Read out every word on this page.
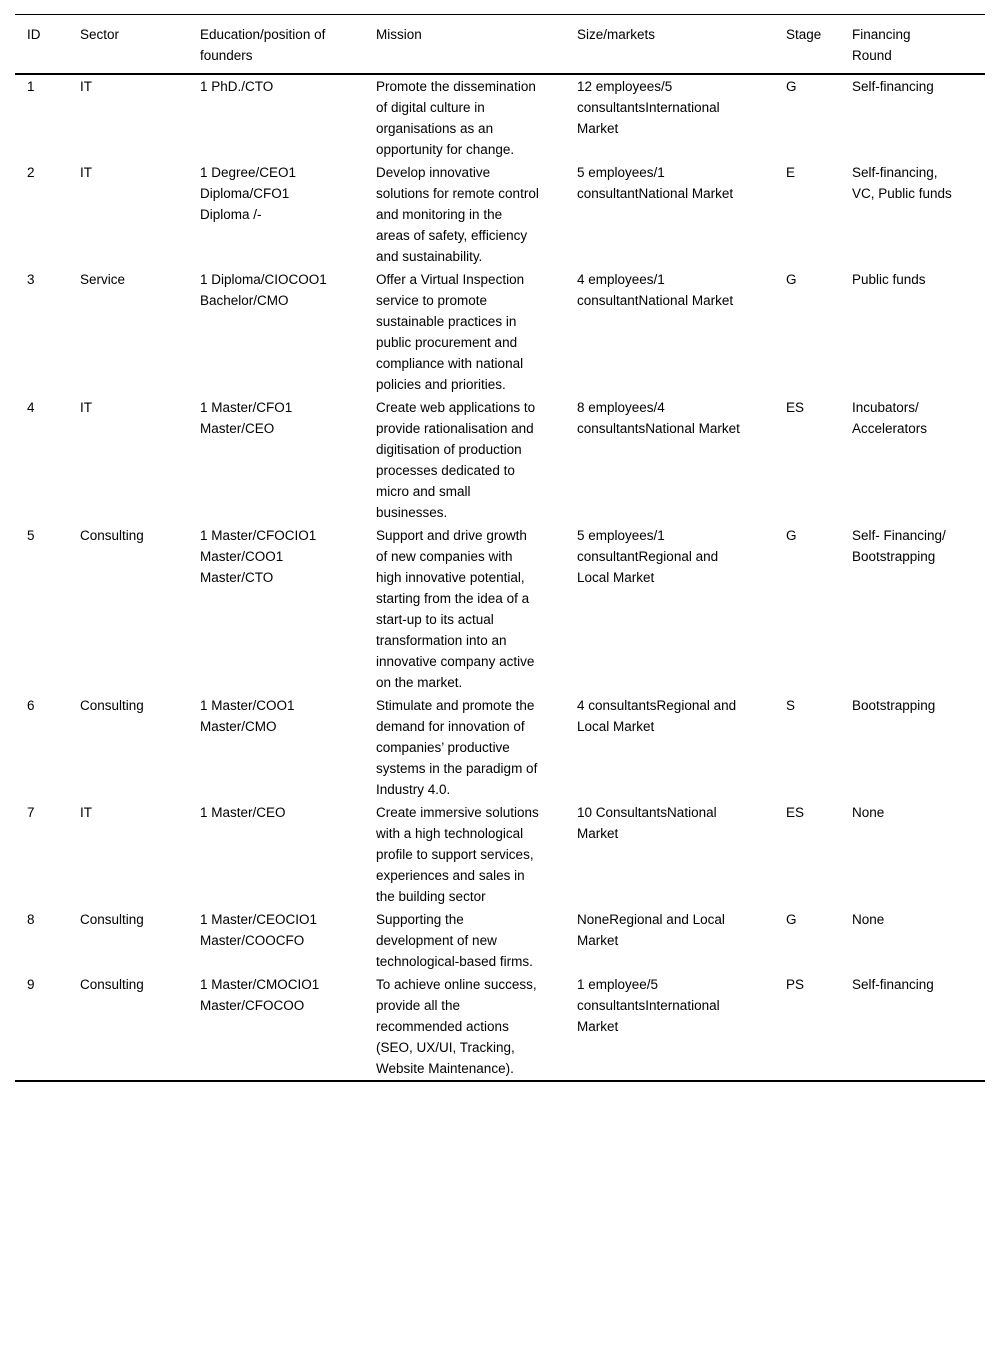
ID	Sector	Education/position of founders	Mission	Size/markets	Stage	Financing Round
1	IT	1 PhD./CTO	Promote the dissemination of digital culture in organisations as an opportunity for change.	12 employees/5 consultantsInternational Market	G	Self-financing
2	IT	1 Degree/CEO1 Diploma/CFO1 Diploma /-	Develop innovative solutions for remote control and monitoring in the areas of safety, efficiency and sustainability.	5 employees/1 consultantNational Market	E	Self-financing, VC, Public funds
3	Service	1 Diploma/CIOCOO1 Bachelor/CMO	Offer a Virtual Inspection service to promote sustainable practices in public procurement and compliance with national policies and priorities.	4 employees/1 consultantNational Market	G	Public funds
4	IT	1 Master/CFO1 Master/CEO	Create web applications to provide rationalisation and digitisation of production processes dedicated to micro and small businesses.	8 employees/4 consultantsNational Market	ES	Incubators/ Accelerators
5	Consulting	1 Master/CFOCIO1 Master/COO1 Master/CTO	Support and drive growth of new companies with high innovative potential, starting from the idea of a start-up to its actual transformation into an innovative company active on the market.	5 employees/1 consultantRegional and Local Market	G	Self- Financing/ Bootstrapping
6	Consulting	1 Master/COO1 Master/CMO	Stimulate and promote the demand for innovation of companies’ productive systems in the paradigm of Industry 4.0.	4 consultantsRegional and Local Market	S	Bootstrapping
7	IT	1 Master/CEO	Create immersive solutions with a high technological profile to support services, experiences and sales in the building sector	10 ConsultantsNational Market	ES	None
8	Consulting	1 Master/CEOCIO1 Master/COOCFO	Supporting the development of new technological-based firms.	NoneRegional and Local Market	G	None
9	Consulting	1 Master/CMOCIO1 Master/CFOCOO	To achieve online success, provide all the recommended actions (SEO, UX/UI, Tracking, Website Maintenance).	1 employee/5 consultantsInternational Market	PS	Self-financing
